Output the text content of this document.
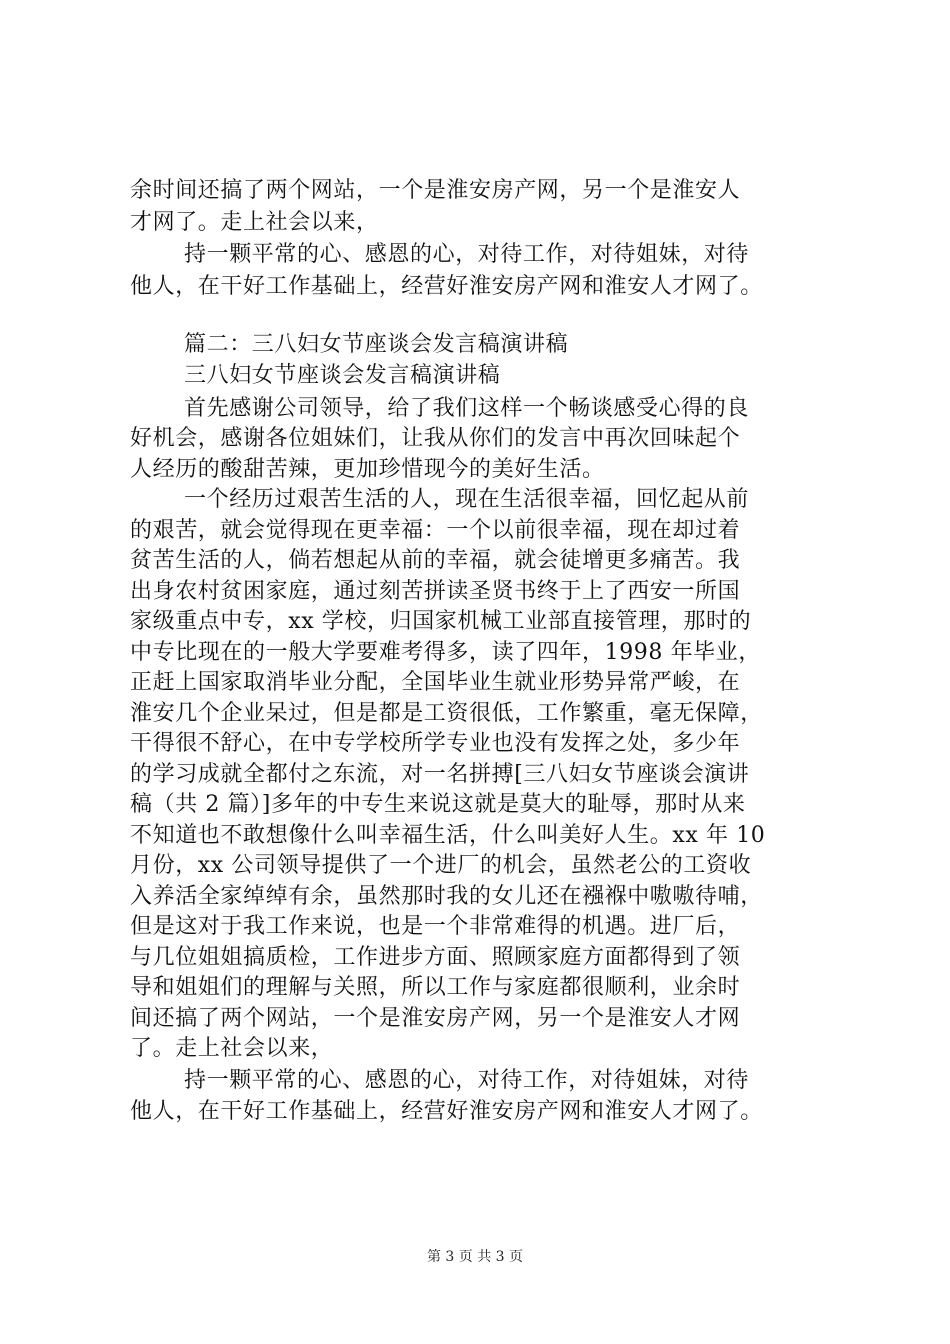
余时间还搞了两个网站，一个是淮安房产网，另一个是淮安人
才网了。走上社会以来，
持一颗平常的心、感恩的心，对待工作，对待姐妹，对待
他人，在干好工作基础上，经营好淮安房产网和淮安人才网了。
篇二：三八妇女节座谈会发言稿演讲稿
三八妇女节座谈会发言稿演讲稿
首先感谢公司领导，给了我们这样一个畅谈感受心得的良
好机会，感谢各位姐妹们，让我从你们的发言中再次回味起个
人经历的酸甜苦辣，更加珍惜现今的美好生活。
一个经历过艰苦生活的人，现在生活很幸福，回忆起从前
的艰苦，就会觉得现在更幸福：一个以前很幸福，现在却过着
贫苦生活的人，倘若想起从前的幸福，就会徒增更多痛苦。我
出身农村贫困家庭，通过刻苦拼读圣贤书终于上了西安一所国
家级重点中专，xx 学校，归国家机械工业部直接管理，那时的
中专比现在的一般大学要难考得多，读了四年，1998 年毕业，
正赶上国家取消毕业分配，全国毕业生就业形势异常严峻，在
淮安几个企业呆过，但是都是工资很低，工作繁重，毫无保障，
干得很不舒心，在中专学校所学专业也没有发挥之处，多少年
的学习成就全都付之东流，对一名拼搏[三八妇女节座谈会演讲
稿（共 2 篇）]多年的中专生来说这就是莫大的耻辱，那时从来
不知道也不敢想像什么叫幸福生活，什么叫美好人生。xx 年 10
月份，xx 公司领导提供了一个进厂的机会，虽然老公的工资收
入养活全家绰绰有余，虽然那时我的女儿还在襁褓中嗷嗷待哺，
但是这对于我工作来说，也是一个非常难得的机遇。进厂后，
与几位姐姐搞质检，工作进步方面、照顾家庭方面都得到了领
导和姐姐们的理解与关照，所以工作与家庭都很顺利，业余时
间还搞了两个网站，一个是淮安房产网，另一个是淮安人才网
了。走上社会以来，
持一颗平常的心、感恩的心，对待工作，对待姐妹，对待
他人，在干好工作基础上，经营好淮安房产网和淮安人才网了。
第 3 页 共 3 页
